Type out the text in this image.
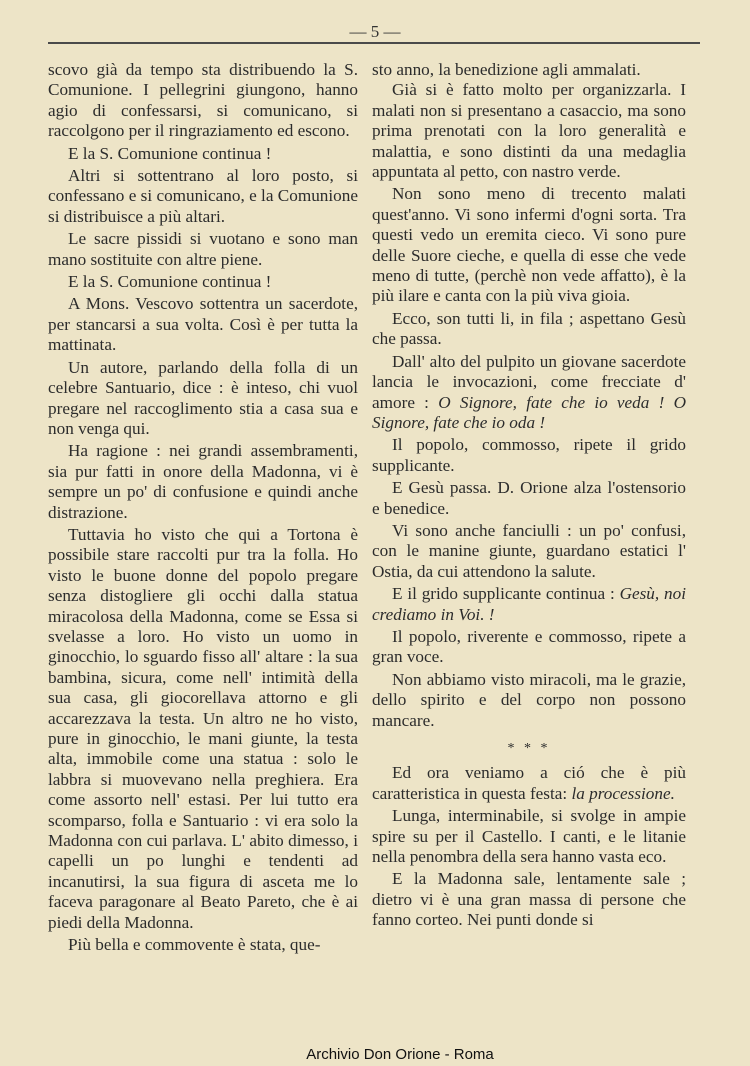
— 5 —

scovo già da tempo sta distribuendo la S. Comunione. I pellegrini giungono, hanno agio di confessarsi, si comunicano, si raccolgono per il ringraziamento ed escono.

E la S. Comunione continua !

Altri si sottentrano al loro posto, si confessano e si comunicano, e la Comunione si distribuisce a più altari.

Le sacre pissidi si vuotano e sono man mano sostituite con altre piene.

E la S. Comunione continua !

A Mons. Vescovo sottentra un sacerdote, per stancarsi a sua volta. Così è per tutta la mattinata.

Un autore, parlando della folla di un celebre Santuario, dice : è inteso, chi vuol pregare nel raccoglimento stia a casa sua e non venga qui.

Ha ragione : nei grandi assembramenti, sia pur fatti in onore della Madonna, vi è sempre un po' di confusione e quindi anche distrazione.

Tuttavia ho visto che qui a Tortona è possibile stare raccolti pur tra la folla. Ho visto le buone donne del popolo pregare senza distogliere gli occhi dalla statua miracolosa della Madonna, come se Essa si svelasse a loro. Ho visto un uomo in ginocchio, lo sguardo fisso all' altare : la sua bambina, sicura, come nell' intimità della sua casa, gli giocorellava attorno e gli accarezzava la testa. Un altro ne ho visto, pure in ginocchio, le mani giunte, la testa alta, immobile come una statua : solo le labbra si muovevano nella preghiera. Era come assorto nell' estasi. Per lui tutto era scomparso, folla e Santuario : vi era solo la Madonna con cui parlava. L' abito dimesso, i capelli un po lunghi e tendenti ad incanutirsi, la sua figura di asceta me lo faceva paragonare al Beato Pareto, che è ai piedi della Madonna.

Più bella e commovente è stata, que-

sto anno, la benedizione agli ammalati.

Già si è fatto molto per organizzarla. I malati non si presentano a casaccio, ma sono prima prenotati con la loro generalità e malattia, e sono distinti da una medaglia appuntata al petto, con nastro verde.

Non sono meno di trecento malati quest'anno. Vi sono infermi d'ogni sorta. Tra questi vedo un eremita cieco. Vi sono pure delle Suore cieche, e quella di esse che vede meno di tutte, (perchè non vede affatto), è la più ilare e canta con la più viva gioia.

Ecco, son tutti li, in fila ; aspettano Gesù che passa.

Dall' alto del pulpito un giovane sacerdote lancia le invocazioni, come frecciate d' amore : O Signore, fate che io veda ! O Signore, fate che io oda !

Il popolo, commosso, ripete il grido supplicante.

E Gesù passa. D. Orione alza l'ostensorio e benedice.

Vi sono anche fanciulli : un po' confusi, con le manine giunte, guardano estatici l' Ostia, da cui attendono la salute.

E il grido supplicante continua : Gesù, noi crediamo in Voi. !

Il popolo, riverente e commosso, ripete a gran voce.

Non abbiamo visto miracoli, ma le grazie, dello spirito e del corpo non possono mancare.

* * *

Ed ora veniamo a ció che è più caratteristica in questa festa: la processione.

Lunga, interminabile, si svolge in ampie spire su per il Castello. I canti, e le litanie nella penombra della sera hanno vasta eco.

E la Madonna sale, lentamente sale ; dietro vi è una gran massa di persone che fanno corteo. Nei punti donde si

Archivio Don Orione - Roma
